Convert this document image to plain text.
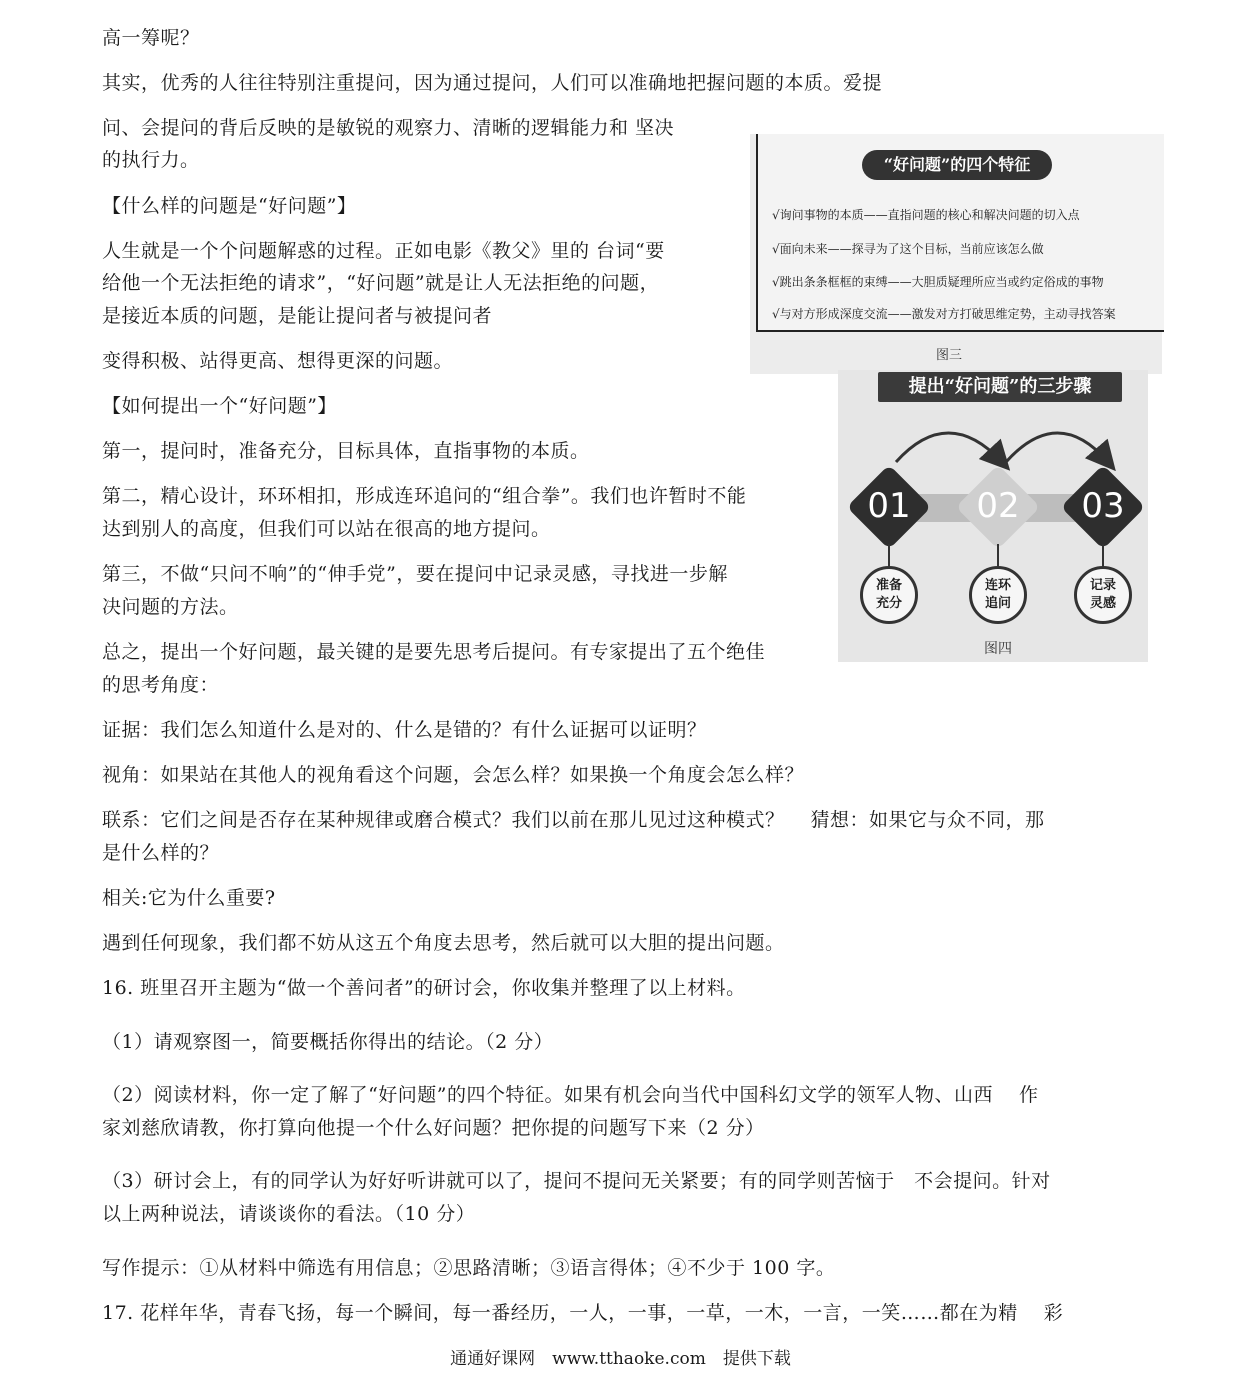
高一筹呢？
其实，优秀的人往往特别注重提问，因为通过提问，人们可以准确地把握问题的本质。爱提
问、会提问的背后反映的是敏锐的观察力、清晰的逻辑能力和 坚决
的执行力。
【什么样的问题是“好问题”】
人生就是一个个问题解惑的过程。正如电影《教父》里的 台词“要
给他一个无法拒绝的请求”，“好问题”就是让人无法拒绝的问题，
是接近本质的问题，是能让提问者与被提问者
变得积极、站得更高、想得更深的问题。
【如何提出一个“好问题”】
第一，提问时，准备充分，目标具体，直指事物的本质。
第二，精心设计，环环相扣，形成连环追问的“组合拳”。我们也许暂时不能
达到别人的高度，但我们可以站在很高的地方提问。
第三，不做“只问不响”的“伸手党”，要在提问中记录灵感，寻找进一步解
决问题的方法。
总之，提出一个好问题，最关键的是要先思考后提问。有专家提出了五个绝佳
的思考角度：
证据：我们怎么知道什么是对的、什么是错的？有什么证据可以证明？
视角：如果站在其他人的视角看这个问题，会怎么样？如果换一个角度会怎么样？
联系：它们之间是否存在某种规律或磨合模式？我们以前在那儿见过这种模式？　 猜想：如果它与众不同，那
是什么样的？
相关:它为什么重要?
遇到任何现象，我们都不妨从这五个角度去思考，然后就可以大胆的提出问题。
16. 班里召开主题为“做一个善问者”的研讨会，你收集并整理了以上材料。
（1）请观察图一，简要概括你得出的结论。（2 分）
（2）阅读材料，你一定了解了“好问题”的四个特征。如果有机会向当代中国科幻文学的领军人物、山西　 作
家刘慈欣请教，你打算向他提一个什么好问题？把你提的问题写下来（2 分）
（3）研讨会上，有的同学认为好好听讲就可以了，提问不提问无关紧要；有的同学则苦恼于　不会提问。针对
以上两种说法，请谈谈你的看法。（10 分）
写作提示：①从材料中筛选有用信息；②思路清晰；③语言得体；④不少于 100 字。
17. 花样年华，青春飞扬，每一个瞬间，每一番经历，一人，一事，一草，一木，一言，一笑……都在为精　 彩
“好问题”的四个特征
√询问事物的本质——直指问题的核心和解决问题的切入点
√面向未来——探寻为了这个目标，当前应该怎么做
√跳出条条框框的束缚——大胆质疑理所应当或约定俗成的事物
√与对方形成深度交流——激发对方打破思维定势，主动寻找答案
图三
提出“好问题”的三步骤
01
准备
充分
02
连环
追问
03
记录
灵感
图四
通通好课网　www.tthaoke.com　提供下载
